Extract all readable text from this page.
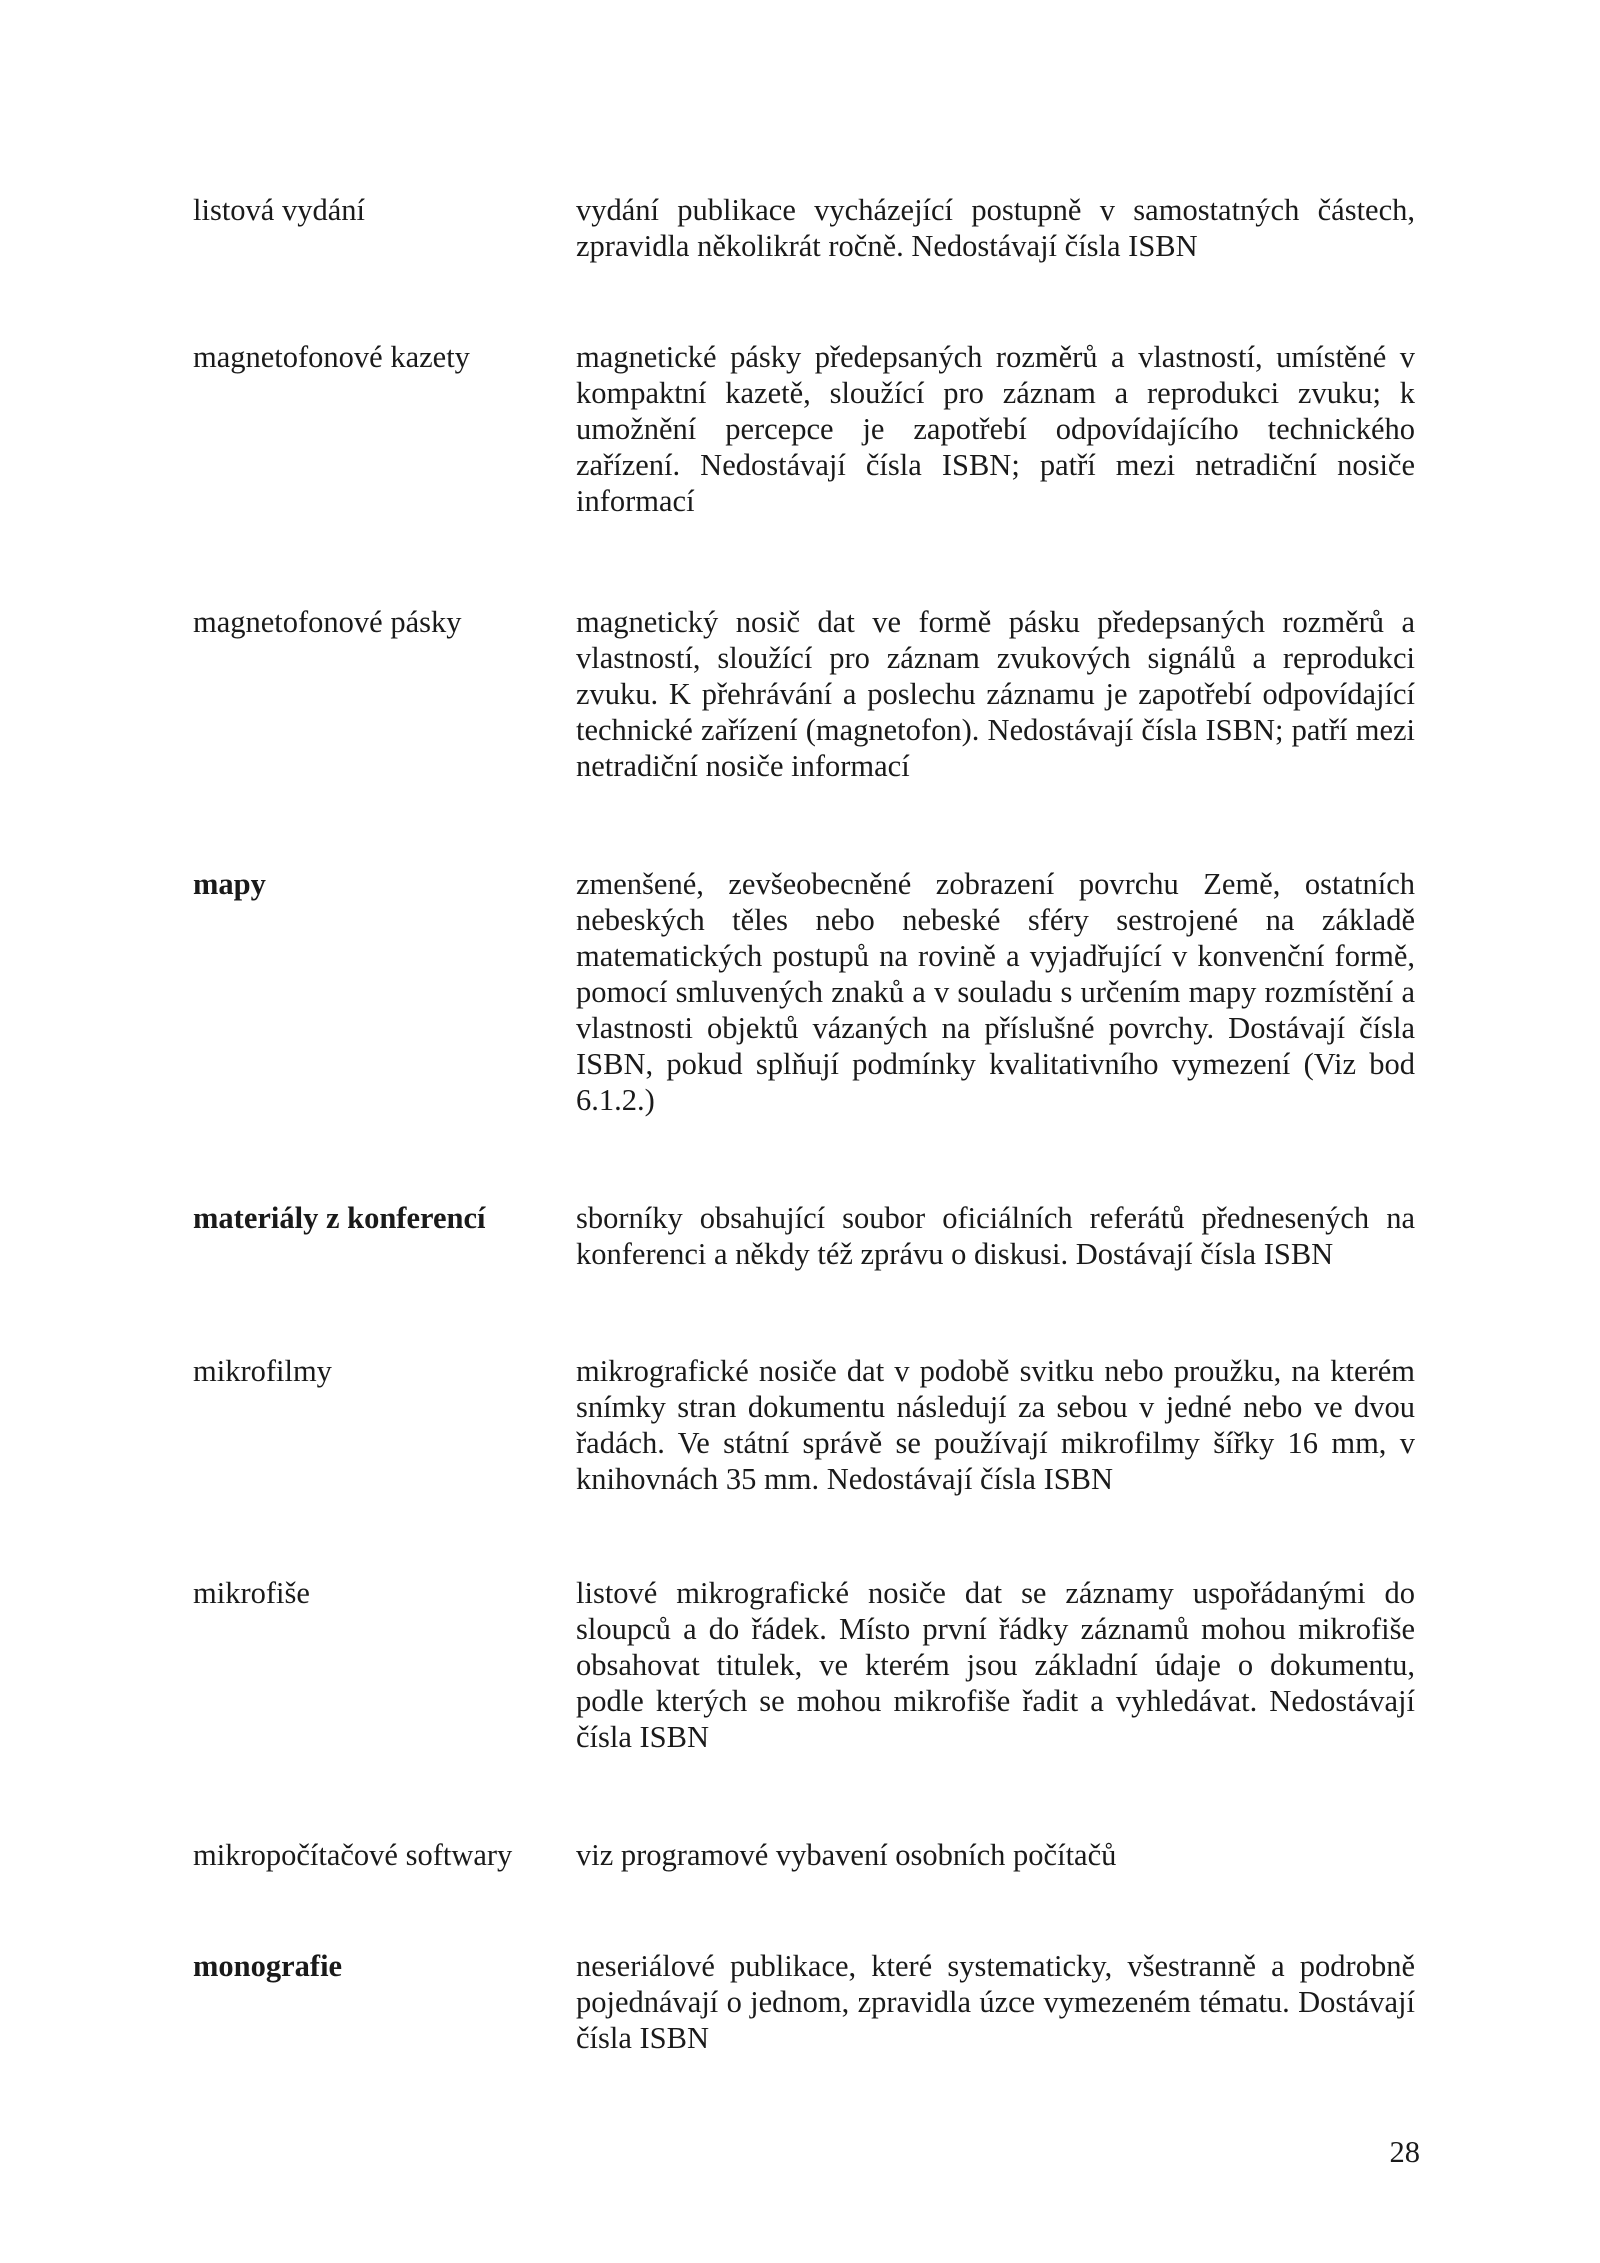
listová vydání	vydání publikace vycházející postupně v samostatných částech, zpravidla několikrát ročně. Nedostávají čísla ISBN
magnetofonové kazety	magnetické pásky předepsaných rozměrů a vlastností, umístěné v kompaktní kazetě, sloužící pro záznam a reprodukci zvuku; k umožnění percepce je zapotřebí odpovídajícího technického zařízení. Nedostávají čísla ISBN; patří mezi netradiční nosiče informací
magnetofonové pásky	magnetický nosič dat ve formě pásku předepsaných rozměrů a vlastností, sloužící pro záznam zvukových signálů a reprodukci zvuku. K přehrávání a poslechu záznamu je zapotřebí odpovídající technické zařízení (magnetofon). Nedostávají čísla ISBN; patří mezi netradiční nosiče informací
mapy	zmenšené, zevšeobecněné zobrazení povrchu Země, ostatních nebeských těles nebo nebeské sféry sestrojené na základě matematických postupů na rovině a vyjadřující v konvenční formě, pomocí smluvených znaků a v souladu s určením mapy rozmístění a vlastnosti objektů vázaných na příslušné povrchy. Dostávají čísla ISBN, pokud splňují podmínky kvalitativního vymezení (Viz bod 6.1.2.)
materiály z konferencí	sborníky obsahující soubor oficiálních referátů přednesených na konferenci a někdy též zprávu o diskusi. Dostávají čísla ISBN
mikrofilmy	mikrografické nosiče dat v podobě svitku nebo proužku, na kterém snímky stran dokumentu následují za sebou v jedné nebo ve dvou řadách. Ve státní správě se používají mikrofilmy šířky 16 mm, v knihovnách 35 mm. Nedostávají čísla ISBN
mikrofiše	listové mikrografické nosiče dat se záznamy uspořádanými do sloupců a do řádek. Místo první řádky záznamů mohou mikrofiše obsahovat titulek, ve kterém jsou základní údaje o dokumentu, podle kterých se mohou mikrofiše řadit a vyhledávat. Nedostávají čísla ISBN
mikropočítačové softwary	viz programové vybavení osobních počítačů
monografie	neseriálové publikace, které systematicky, všestranně a podrobně pojednávají o jednom, zpravidla úzce vymezeném tématu. Dostávají čísla ISBN
28
